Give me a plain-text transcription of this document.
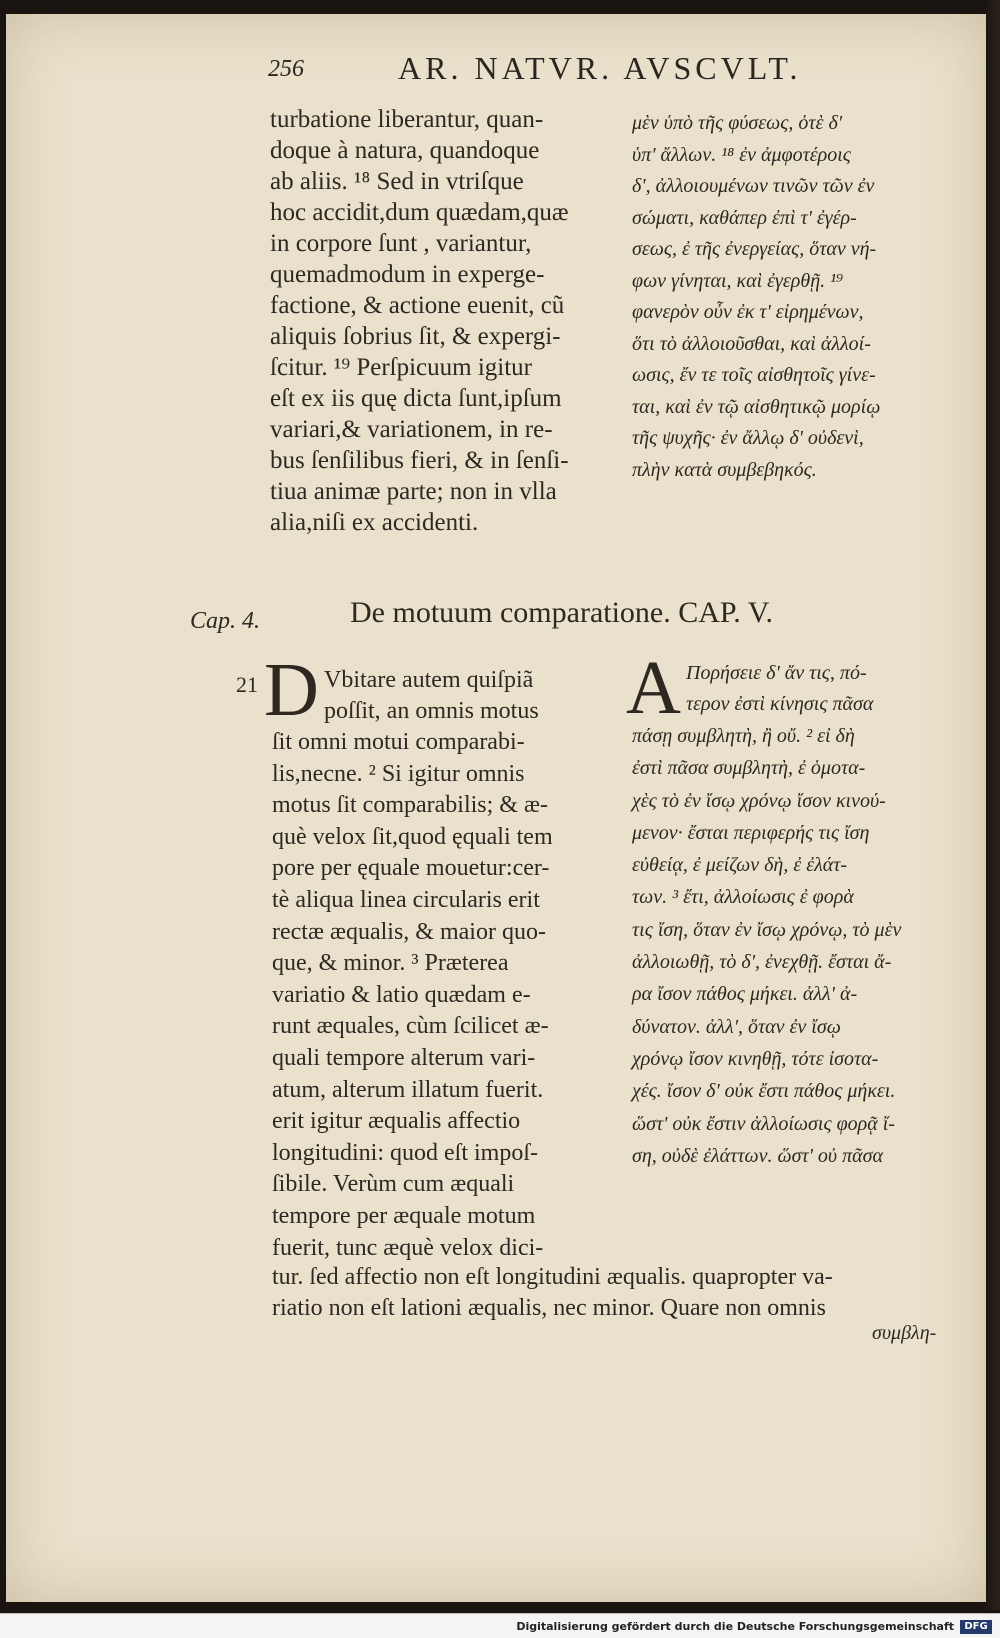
256	AR. NATVR. AVSCVLT.
turbatione liberantur, quan-
doque à natura, quandoque
ab aliis. ¹⁸ Sed in vtriſque
hoc accidit,dum quædam,quæ
in corpore ſunt , variantur,
quemadmodum in experge-
factione, & actione euenit, cũ
aliquis ſobrius ſit, & expergi-
ſcitur. ¹⁹ Perſpicuum igitur
eſt ex iis quę dicta ſunt,ipſum
variari,& variationem, in re-
bus ſenſilibus fieri, & in ſenſi-
tiua animæ parte; non in vlla
alia,niſi ex accidenti.
μὲν ὑπὸ τῆς φύσεως, ὁτὲ δ'
ὑπ' ἄλλων. ¹⁸ ἐν ἀμφοτέροις
δ', ἀλλοιουμένων τινῶν τῶν ἐν
σώματι, καθάπερ ἐπὶ τ' ἐγέρ-
σεως, ἐ τῆς ἐνεργείας, ὅταν νή-
φων γίνηται, καὶ ἐγερθῇ. ¹⁹
φανερὸν οὖν ἐκ τ' εἰρημένων,
ὅτι τὸ ἀλλοιοῦσθαι, καὶ ἀλλοί-
ωσις, ἔν τε τοῖς αἰσθητοῖς γίνε-
ται, καὶ ἐν τῷ αἰσθητικῷ μορίῳ
τῆς ψυχῆς· ἐν ἄλλῳ δ' οὐδενὶ,
πλὴν κατὰ συμβεβηκός.
Cap. 4.	De motuum comparatione. CAP. V.
21 D	A
Vbitare autem quiſpiã
poſſit, an omnis motus
ſit omni motui comparabi-
lis,necne. ² Si igitur omnis
motus ſit comparabilis; & æ-
què velox ſit,quod ęquali tem
pore per ęquale mouetur:cer-
tè aliqua linea circularis erit
rectæ æqualis, & maior quo-
que, & minor. ³ Præterea
variatio & latio quædam e-
runt æquales, cùm ſcilicet æ-
quali tempore alterum vari-
atum, alterum illatum fuerit.
erit igitur æqualis affectio
longitudini: quod eſt impoſ-
ſibile. Verùm cum æquali
tempore per æquale motum
fuerit, tunc æquè velox dici-
Πορήσειε δ' ἄν τις, πό-
τερον ἐστὶ κίνησις πᾶσα
πάσῃ συμβλητὴ, ἢ οὔ. ² εἰ δὴ
ἐστὶ πᾶσα συμβλητὴ, ἐ ὁμοτα-
χὲς τὸ ἐν ἴσῳ χρόνῳ ἴσον κινού-
μενον· ἔσται περιφερής τις ἴση
εὐθείᾳ, ἐ μείζων δὴ, ἐ ἐλάτ-
των. ³ ἔτι, ἀλλοίωσις ἐ φορὰ
τις ἴση, ὅταν ἐν ἴσῳ χρόνῳ, τὸ μὲν
ἀλλοιωθῇ, τὸ δ', ἐνεχθῇ. ἔσται ἄ-
ρα ἴσον πάθος μήκει. ἀλλ' ἀ-
δύνατον. ἀλλ', ὅταν ἐν ἴσῳ
χρόνῳ ἴσον κινηθῇ, τότε ἰσοτα-
χές. ἴσον δ' οὐκ ἔστι πάθος μήκει.
ὥστ' οὐκ ἔστιν ἀλλοίωσις φορᾷ ἴ-
ση, οὐδὲ ἐλάττων. ὥστ' οὐ πᾶσα
tur. ſed affectio non eſt longitudini æqualis. quapropter va-
riatio non eſt lationi æqualis, nec minor. Quare non omnis
συμβλη-
Digitalisierung gefördert durch die Deutsche Forschungsgemeinschaft	DFG
